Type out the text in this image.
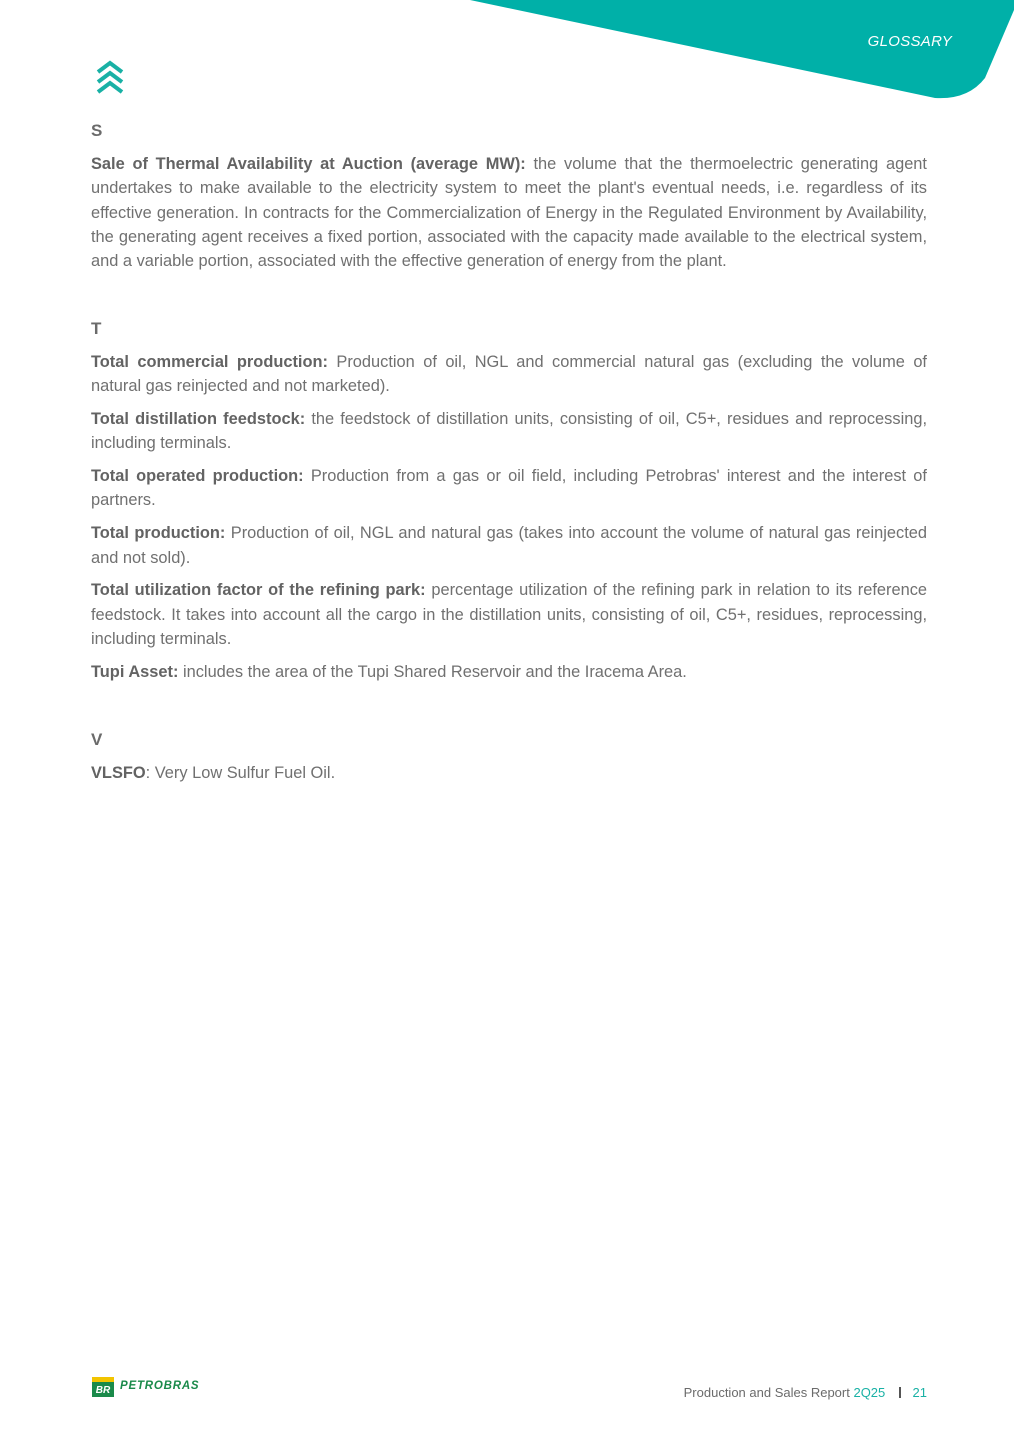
GLOSSARY
S

Sale of Thermal Availability at Auction (average MW): the volume that the thermoelectric generating agent undertakes to make available to the electricity system to meet the plant's eventual needs, i.e. regardless of its effective generation. In contracts for the Commercialization of Energy in the Regulated Environment by Availability, the generating agent receives a fixed portion, associated with the capacity made available to the electrical system, and a variable portion, associated with the effective generation of energy from the plant.

T

Total commercial production: Production of oil, NGL and commercial natural gas (excluding the volume of natural gas reinjected and not marketed).

Total distillation feedstock: the feedstock of distillation units, consisting of oil, C5+, residues and reprocessing, including terminals.

Total operated production: Production from a gas or oil field, including Petrobras' interest and the interest of partners.

Total production: Production of oil, NGL and natural gas (takes into account the volume of natural gas reinjected and not sold).

Total utilization factor of the refining park: percentage utilization of the refining park in relation to its reference feedstock. It takes into account all the cargo in the distillation units, consisting of oil, C5+, residues, reprocessing, including terminals.

Tupi Asset: includes the area of the Tupi Shared Reservoir and the Iracema Area.

V

VLSFO: Very Low Sulfur Fuel Oil.

BR PETROBRAS	Production and Sales Report 2Q25 21
